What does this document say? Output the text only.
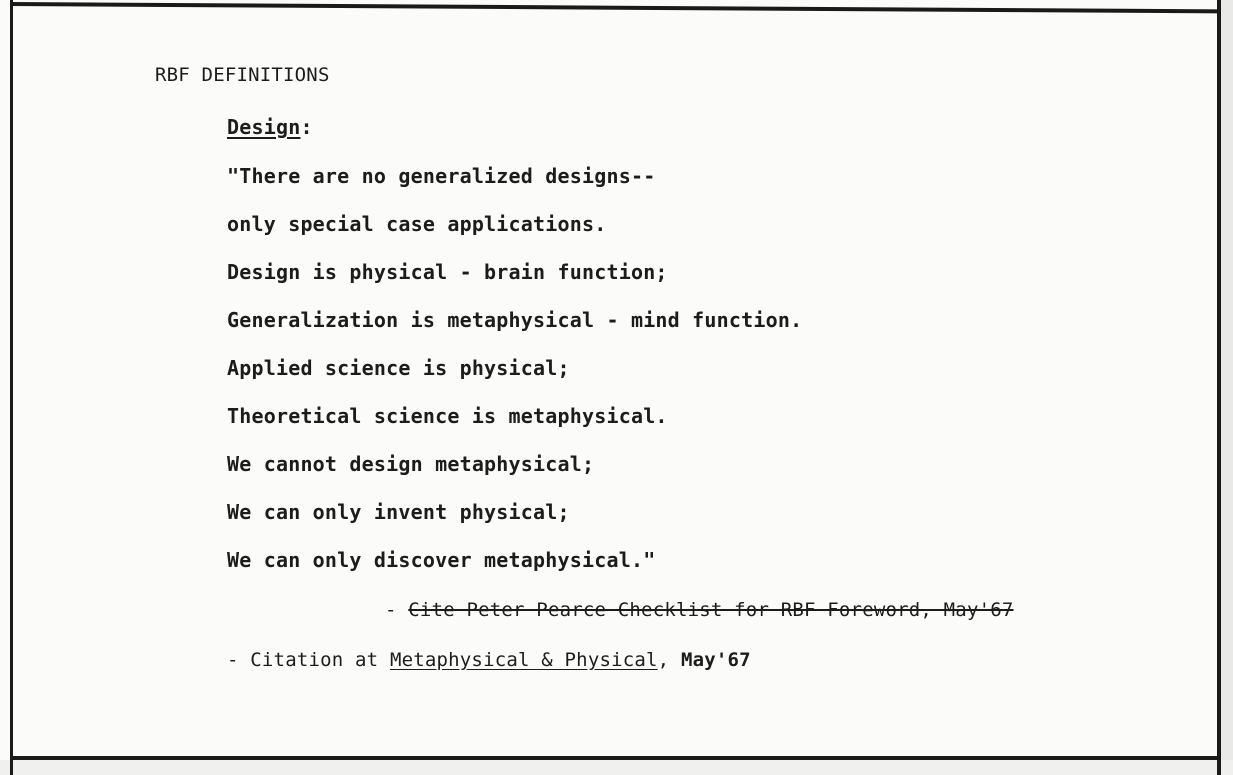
RBF DEFINITIONS
Design:
"There are no generalized designs--
only special case applications.
Design is physical - brain function;
Generalization is metaphysical - mind function.
Applied science is physical;
Theoretical science is metaphysical.
We cannot design metaphysical;
We can only invent physical;
We can only discover metaphysical."
- Cite Peter Pearce Checklist for RBF Foreword, May'67
- Citation at Metaphysical & Physical, May'67
